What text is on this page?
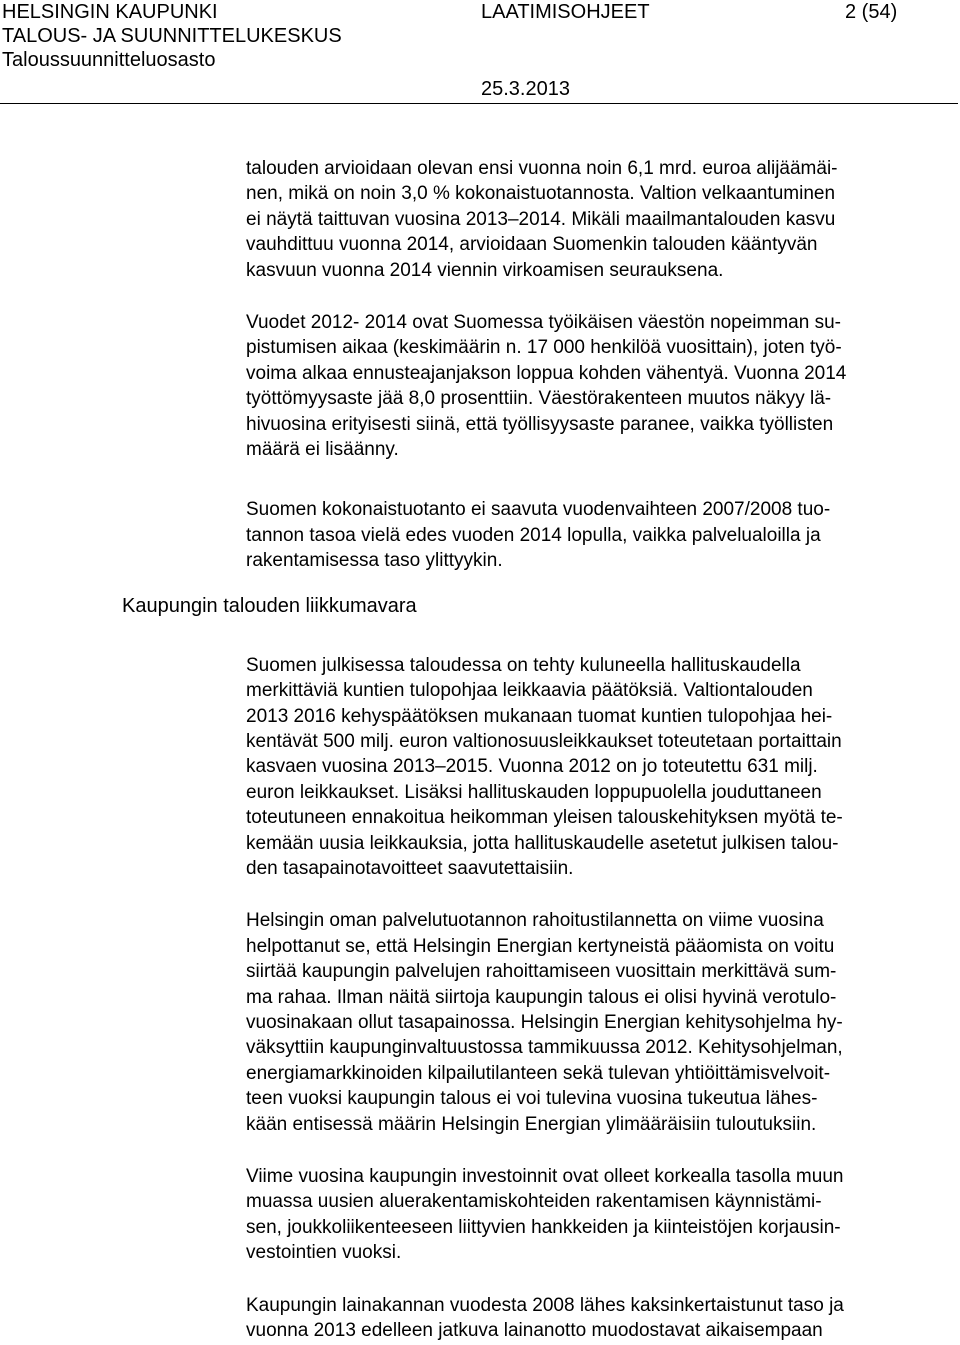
HELSINGIN KAUPUNKI
TALOUS- JA SUUNNITTELUKESKUS
Taloussuunnitteluosasto
LAATIMISOHJEET	2 (54)
25.3.2013
Kaupungin talouden liikkumavara

talouden arvioidaan olevan ensi vuonna noin 6,1 mrd. euroa alijäämäi-
nen, mikä on noin 3,0 % kokonaistuotannosta. Valtion velkaantuminen
ei näytä taittuvan vuosina 2013–2014. Mikäli maailmantalouden kasvu
vauhdittuu vuonna 2014, arvioidaan Suomenkin talouden kääntyvän
kasvuun vuonna 2014 viennin virkoamisen seurauksena.

Vuodet 2012- 2014 ovat Suomessa työikäisen väestön nopeimman su-
pistumisen aikaa (keskimäärin n. 17 000 henkilöä vuosittain), joten työ-
voima alkaa ennusteajanjakson loppua kohden vähentyä. Vuonna 2014
työttömyysaste jää 8,0 prosenttiin. Väestörakenteen muutos näkyy lä-
hivuosina erityisesti siinä, että työllisyysaste paranee, vaikka työllisten
määrä ei lisäänny.

Suomen kokonaistuotanto ei saavuta vuodenvaihteen 2007/2008 tuo-
tannon tasoa vielä edes vuoden 2014 lopulla, vaikka palvelualoilla ja
rakentamisessa taso ylittyykin.

Suomen julkisessa taloudessa on tehty kuluneella hallituskaudella
merkittäviä kuntien tulopohjaa leikkaavia päätöksiä. Valtiontalouden
2013 2016 kehyspäätöksen mukanaan tuomat kuntien tulopohjaa hei-
kentävät 500 milj. euron valtionosuusleikkaukset toteutetaan portaittain
kasvaen vuosina 2013–2015. Vuonna 2012 on jo toteutettu 631 milj.
euron leikkaukset. Lisäksi hallituskauden loppupuolella jouduttaneen
toteutuneen ennakoitua heikomman yleisen talouskehityksen myötä te-
kemään uusia leikkauksia, jotta hallituskaudelle asetetut julkisen talou-
den tasapainotavoitteet saavutettaisiin.

Helsingin oman palvelutuotannon rahoitustilannetta on viime vuosina
helpottanut se, että Helsingin Energian kertyneistä pääomista on voitu
siirtää kaupungin palvelujen rahoittamiseen vuosittain merkittävä sum-
ma rahaa. Ilman näitä siirtoja kaupungin talous ei olisi hyvinä verotulo-
vuosinakaan ollut tasapainossa. Helsingin Energian kehitysohjelma hy-
väksyttiin kaupunginvaltuustossa tammikuussa 2012. Kehitysohjelman,
energiamarkkinoiden kilpailutilanteen sekä tulevan yhtiöittämisvelvoit-
teen vuoksi kaupungin talous ei voi tulevina vuosina tukeutua lähes-
kään entisessä määrin Helsingin Energian ylimääräisiin tuloutuksiin.

Viime vuosina kaupungin investoinnit ovat olleet korkealla tasolla muun
muassa uusien aluerakentamiskohteiden rakentamisen käynnistämi-
sen, joukkoliikenteeseen liittyvien hankkeiden ja kiinteistöjen korjausin-
vestointien vuoksi.

Kaupungin lainakannan vuodesta 2008 lähes kaksinkertaistunut taso ja
vuonna 2013 edelleen jatkuva lainanotto muodostavat aikaisempaan
